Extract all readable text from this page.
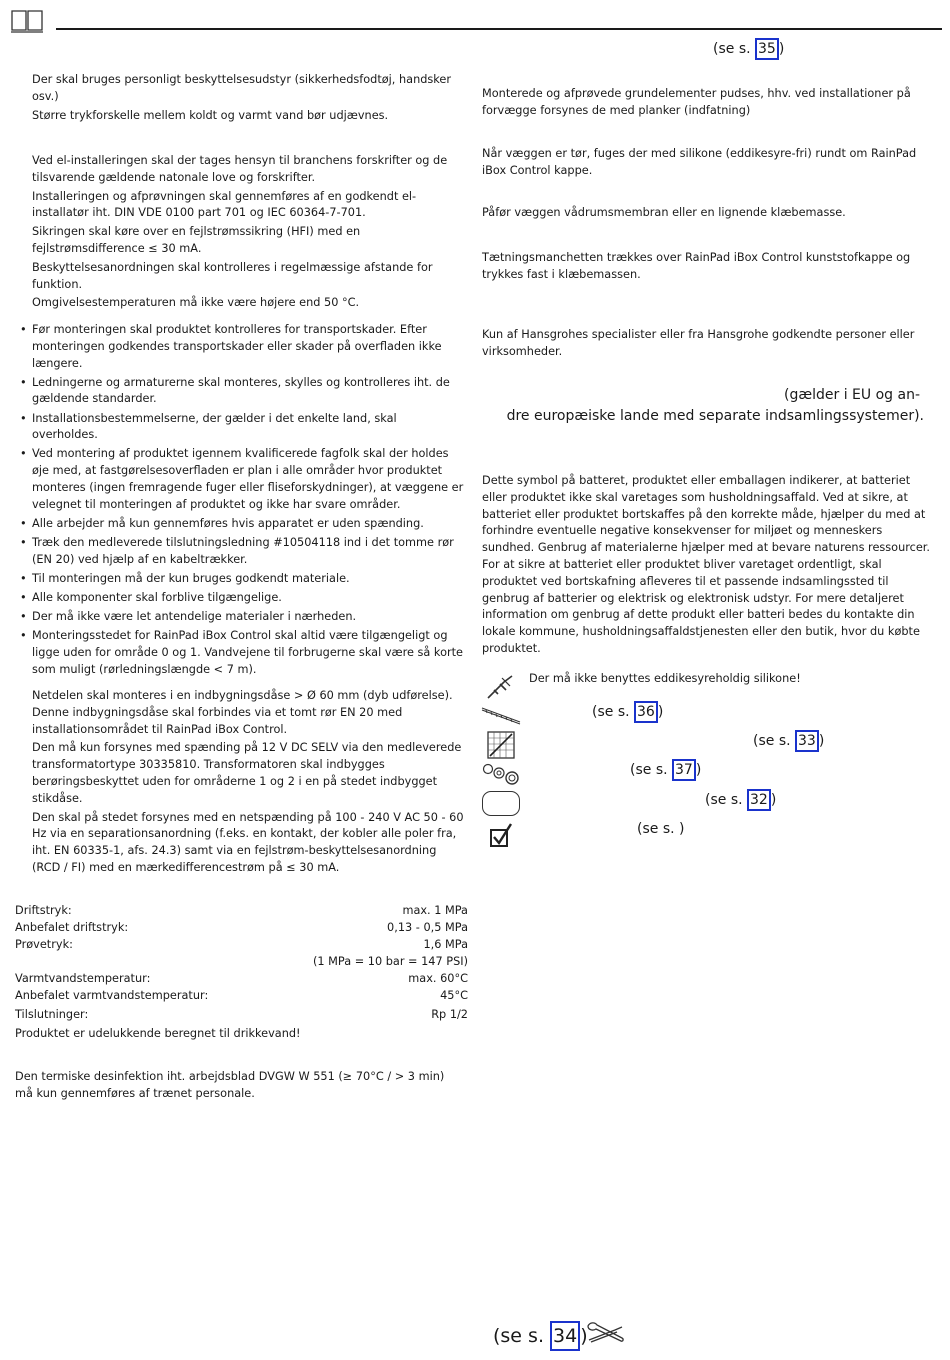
(se s. 35 )

Der skal bruges personligt beskyttelsesudstyr (sikkerhedsfodtøj, handsker osv.)

Større trykforskelle mellem koldt og varmt vand bør udjævnes.

Ved el-installeringen skal der tages hensyn til branchens forskrifter og de tilsvarende gældende natonale love og forskrifter.

Installeringen og afprøvningen skal gennemføres af en godkendt el-installatør iht. DIN VDE 0100 part 701 og IEC 60364-7-701.

Sikringen skal køre over en fejlstrømssikring (HFI) med en fejlstrømsdifference ≤ 30 mA.

Beskyttelsesanordningen skal kontrolleres i regelmæssige afstande for funktion.

Omgivelsestemperaturen må ikke være højere end 50 °C.

• Før monteringen skal produktet kontrolleres for transportskader. Efter monteringen godkendes transportskader eller skader på overfladen ikke længere.
• Ledningerne og armaturerne skal monteres, skylles og kontrolleres iht. de gældende standarder.
• Installationsbestemmelserne, der gælder i det enkelte land, skal overholdes.
• Ved montering af produktet igennem kvalificerede fagfolk skal der holdes øje med, at fastgørelsesoverfladen er plan i alle områder hvor produktet monteres (ingen fremragende fuger eller fliseforskydninger), at væggene er velegnet til monteringen af produktet og ikke har svare områder.
• Alle arbejder må kun gennemføres hvis apparatet er uden spænding.
• Træk den medleverede tilslutningsledning #10504118 ind i det tomme rør (EN 20) ved hjælp af en kabeltrækker.
• Til monteringen må der kun bruges godkendt materiale.
• Alle komponenter skal forblive tilgængelige.
• Der må ikke være let antendelige materialer i nærheden.
• Monteringsstedet for RainPad iBox Control skal altid være tilgængeligt og ligge uden for område 0 og 1. Vandvejene til forbrugerne skal være så korte som muligt (rørledningslængde < 7 m).

Netdelen skal monteres i en indbygningsdåse > Ø 60 mm (dyb udførelse). Denne indbygningsdåse skal forbindes via et tomt rør EN 20 med installationsområdet til RainPad iBox Control.

Den må kun forsynes med spænding på 12 V DC SELV via den medleverede transformatortype 30335810. Transformatoren skal indbygges berøringsbeskyttet uden for områderne 1 og 2 i en på stedet indbygget stikdåse.

Den skal på stedet forsynes med en netspænding på 100 - 240 V AC 50 - 60 Hz via en separationsanordning (f.eks. en kontakt, der kobler alle poler fra, iht. EN 60335-1, afs. 24.3) samt via en fejlstrøm-beskyttelsesanordning (RCD / FI) med en mærkedifferencestrøm på ≤ 30 mA.

Driftstryk:	max. 1 MPa
Anbefalet driftstryk:	0,13 - 0,5 MPa
Prøvetryk:	1,6 MPa
(1 MPa = 10 bar = 147 PSI)
Varmtvandstemperatur:	max. 60°C
Anbefalet varmtvandstemperatur:	45°C
Tilslutninger:	Rp 1/2

Produktet er udelukkende beregnet til drikkevand!

Den termiske desinfektion iht. arbejdsblad DVGW W 551 (≥ 70°C / > 3 min) må kun gennemføres af trænet personale.

Monterede og afprøvede grundelementer pudses, hhv. ved installationer på forvægge forsynes de med planker (indfatning)

Når væggen er tør, fuges der med silikone (eddikesyre-fri) rundt om RainPad iBox Control kappe.

Påfør væggen vådrumsmembran eller en lignende klæbemasse.

Tætningsmanchetten trækkes over RainPad iBox Control kunststofkappe og trykkes fast i klæbemassen.

Kun af Hansgrohes specialister eller fra Hansgrohe godkendte personer eller virksomheder.

(gælder i EU og an-
dre europæiske lande med separate indsamlingssystemer).

Dette symbol på batteret, produktet eller emballagen indikerer, at batteriet eller produktet ikke skal varetages som husholdningsaffald. Ved at sikre, at batteriet eller produktet bortskaffes på den korrekte måde, hjælper du med at forhindre eventuelle negative konsekvenser for miljøet og menneskers sundhed. Genbrug af materialerne hjælper med at bevare naturens ressourcer. For at sikre at batteriet eller produktet bliver varetaget ordentligt, skal produktet ved bortskafning afleveres til et passende indsamlingssted til genbrug af batterier og elektrisk og elektronisk udstyr. For mere detaljeret information om genbrug af dette produkt eller batteri bedes du kontakte din lokale kommune, husholdningsaffaldstjenesten eller den butik, hvor du købte produktet.

Der må ikke benyttes eddikesyreholdig silikone!
(se s. 36 )
(se s. 33 )
(se s. 37 )
(se s. 32 )
(se s. )
(se s. 34 )
